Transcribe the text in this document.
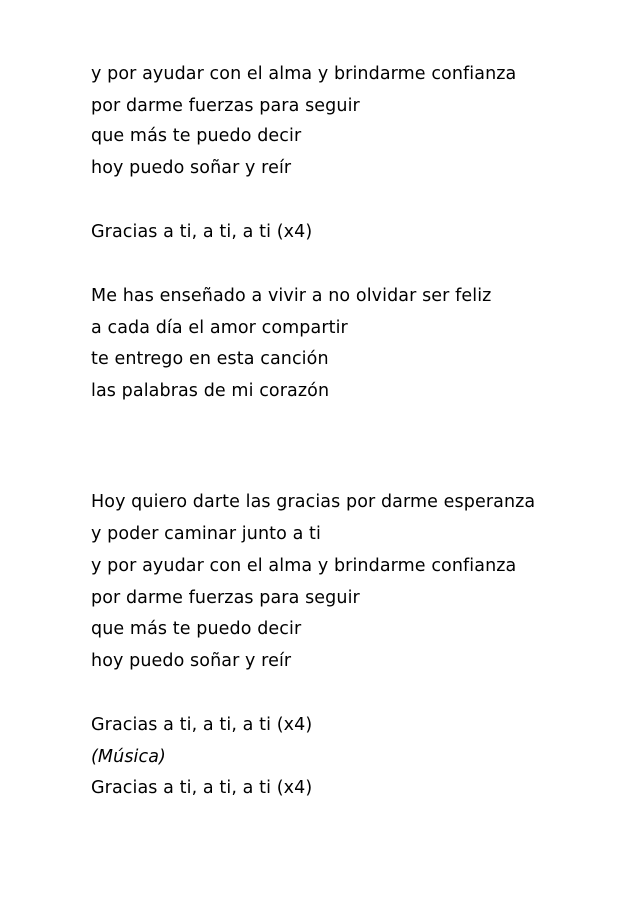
y por ayudar con el alma y brindarme confianza
por darme fuerzas para seguir
que más te puedo decir
hoy puedo soñar y reír
Gracias a ti, a ti, a ti (x4)
Me has enseñado a vivir a no olvidar ser feliz
a cada día el amor compartir
te entrego en esta canción
las palabras de mi corazón
Hoy quiero darte las gracias por darme esperanza
y poder caminar junto a ti
y por ayudar con el alma y brindarme confianza
por darme fuerzas para seguir
que más te puedo decir
hoy puedo soñar y reír
Gracias a ti, a ti, a ti (x4)
(Música)
Gracias a ti, a ti, a ti (x4)
